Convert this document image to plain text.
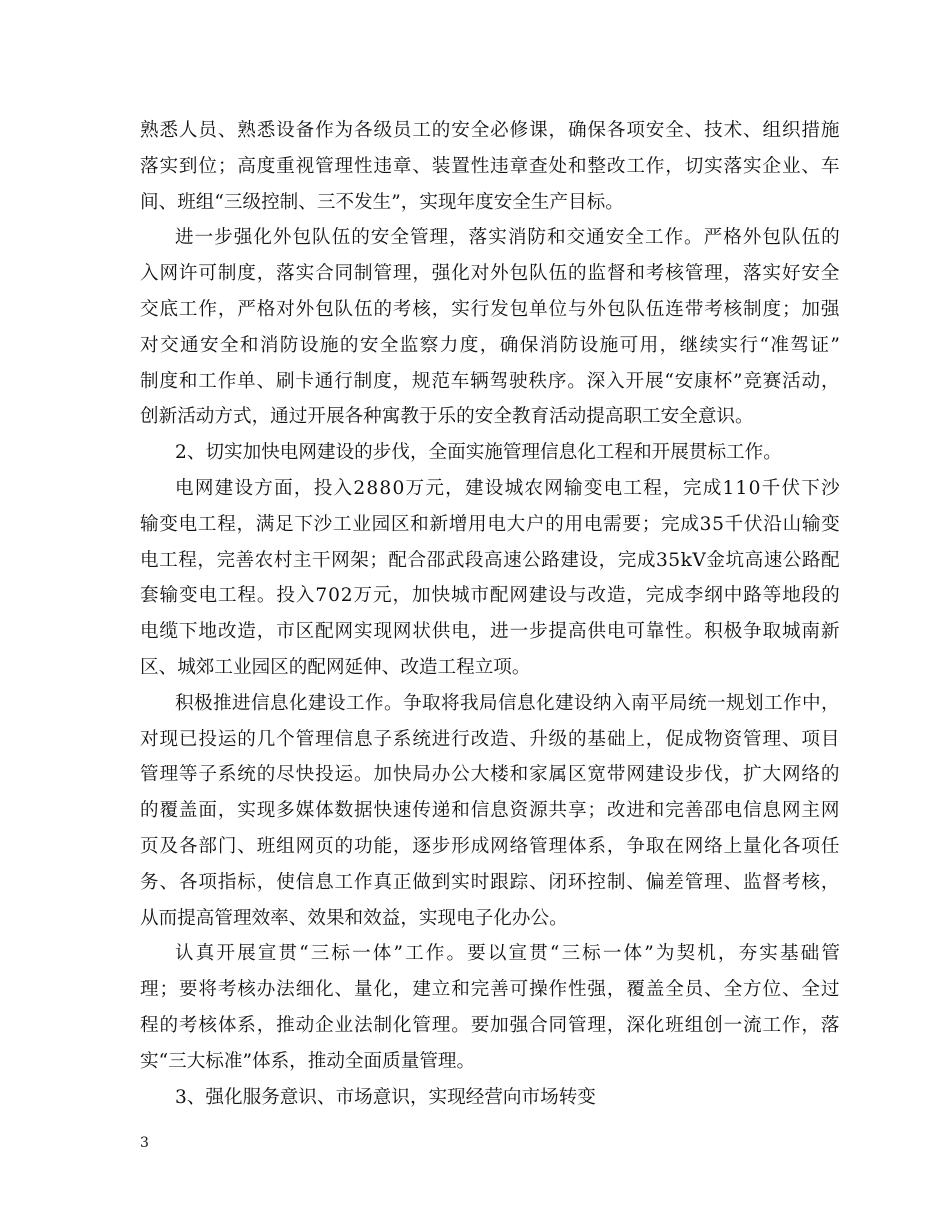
熟 悉 人 员 、 熟 悉 设 备 作 为 各 级 员 工 的 安 全 必 修 课 ， 确 保 各 项 安 全 、 技 术 、 组 织 措 施
落 实 到 位 ； 高 度 重 视 管 理 性 违 章 、 装 置 性 违 章 查 处 和 整 改 工 作 ， 切 实 落 实 企 业 、 车
间、班组“三级控制、三不发生”，实现年度安全生产目标。
进 一 步 强 化 外 包 队 伍 的 安 全 管 理 ， 落 实 消 防 和 交 通 安 全 工 作 。 严 格 外 包 队 伍 的
入 网 许 可 制 度 ， 落 实 合 同 制 管 理 ， 强 化 对 外 包 队 伍 的 监 督 和 考 核 管 理 ， 落 实 好 安 全
交 底 工 作 ， 严 格 对 外 包 队 伍 的 考 核 ， 实 行 发 包 单 位 与 外 包 队 伍 连 带 考 核 制 度 ； 加 强
对 交 通 安 全 和 消 防 设 施 的 安 全 监 察 力 度 ， 确 保 消 防 设 施 可 用 ， 继 续 实 行 “ 准 驾 证 ”
制 度 和 工 作 单 、 刷 卡 通 行 制 度 ， 规 范 车 辆 驾 驶 秩 序 。 深 入 开 展 “ 安 康 杯 ” 竞 赛 活 动 ，
创新活动方式，通过开展各种寓教于乐的安全教育活动提高职工安全意识。
2、切实加快电网建设的步伐，全面实施管理信息化工程和开展贯标工作。
电 网 建 设 方 面 ， 投 入 2 8 8 0 万 元 ， 建 设 城 农 网 输 变 电 工 程 ， 完 成 1 1 0 千 伏 下 沙
输 变 电 工 程 ， 满 足 下 沙 工 业 园 区 和 新 增 用 电 大 户 的 用 电 需 要 ； 完 成 3 5 千 伏 沿 山 输 变
电 工 程 ， 完 善 农 村 主 干 网 架 ； 配 合 邵 武 段 高 速 公 路 建 设 ， 完 成 3 5 k V 金 坑 高 速 公 路 配
套 输 变 电 工 程 。 投 入 7 0 2 万 元 ， 加 快 城 市 配 网 建 设 与 改 造 ， 完 成 李 纲 中 路 等 地 段 的
电 缆 下 地 改 造 ， 市 区 配 网 实 现 网 状 供 电 ， 进 一 步 提 高 供 电 可 靠 性 。 积 极 争 取 城 南 新
区、城郊工业园区的配网延伸、改造工程立项。
积 极 推 进 信 息 化 建 设 工 作 。 争 取 将 我 局 信 息 化 建 设 纳 入 南 平 局 统 一 规 划 工 作 中 ，
对 现 已 投 运 的 几 个 管 理 信 息 子 系 统 进 行 改 造 、 升 级 的 基 础 上 ， 促 成 物 资 管 理 、 项 目
管 理 等 子 系 统 的 尽 快 投 运 。 加 快 局 办 公 大 楼 和 家 属 区 宽 带 网 建 设 步 伐 ， 扩 大 网 络 的
的 覆 盖 面 ， 实 现 多 媒 体 数 据 快 速 传 递 和 信 息 资 源 共 享 ； 改 进 和 完 善 邵 电 信 息 网 主 网
页 及 各 部 门 、 班 组 网 页 的 功 能 ， 逐 步 形 成 网 络 管 理 体 系 ， 争 取 在 网 络 上 量 化 各 项 任
务 、 各 项 指 标 ， 使 信 息 工 作 真 正 做 到 实 时 跟 踪 、 闭 环 控 制 、 偏 差 管 理 、 监 督 考 核 ，
从而提高管理效率、效果和效益，实现电子化办公。
认 真 开 展 宣 贯 “ 三 标 一 体 ” 工 作 。 要 以 宣 贯 “ 三 标 一 体 ” 为 契 机 ， 夯 实 基 础 管
理 ； 要 将 考 核 办 法 细 化 、 量 化 ， 建 立 和 完 善 可 操 作 性 强 ， 覆 盖 全 员 、 全 方 位 、 全 过
程 的 考 核 体 系 ， 推 动 企 业 法 制 化 管 理 。 要 加 强 合 同 管 理 ， 深 化 班 组 创 一 流 工 作 ， 落
实“三大标准”体系，推动全面质量管理。
3、强化服务意识、市场意识，实现经营向市场转变
3
